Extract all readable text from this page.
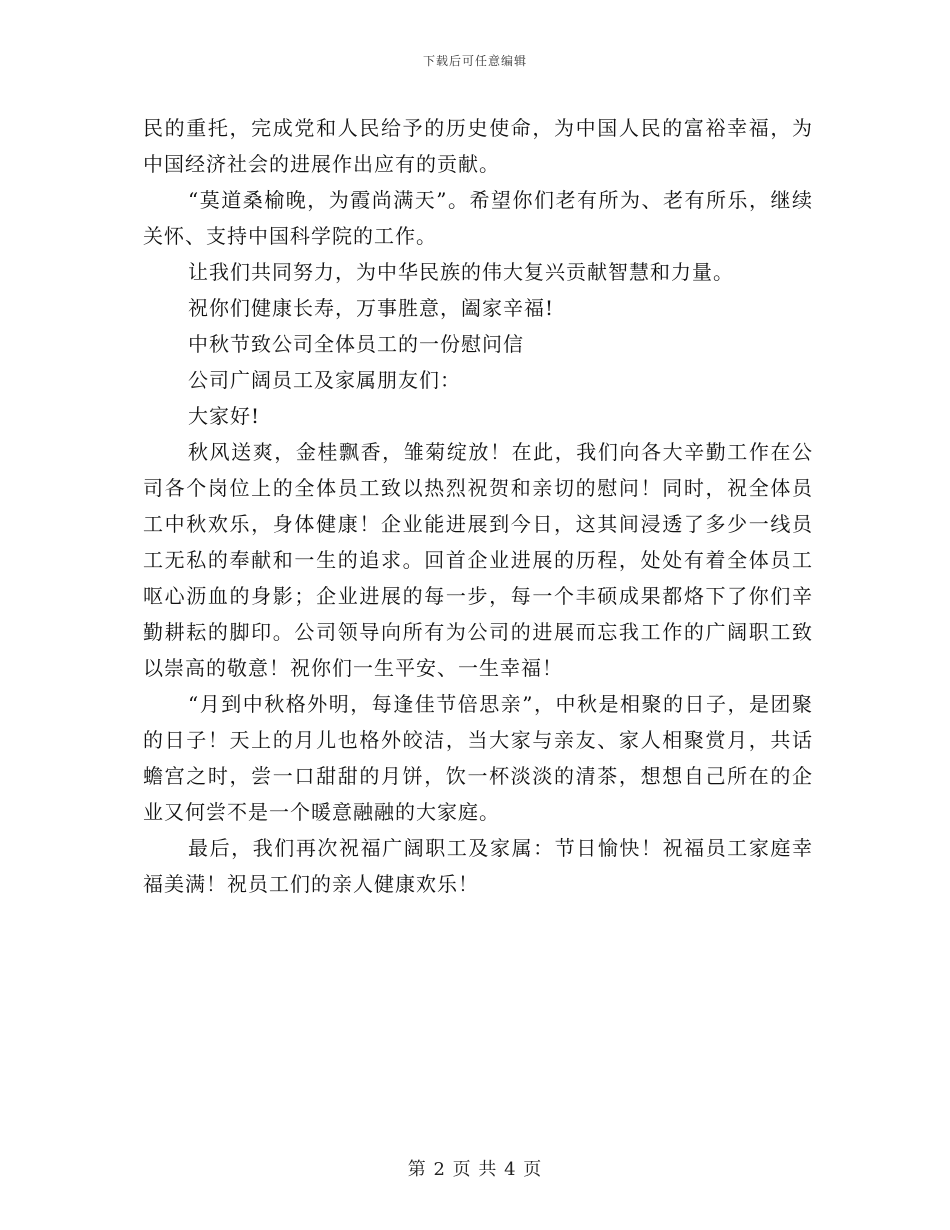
下载后可任意编辑

民的重托，完成党和人民给予的历史使命，为中国人民的富裕幸福，为中国经济社会的进展作出应有的贡献。

“莫道桑榆晚，为霞尚满天”。希望你们老有所为、老有所乐，继续关怀、支持中国科学院的工作。

让我们共同努力，为中华民族的伟大复兴贡献智慧和力量。

祝你们健康长寿，万事胜意，阖家辛福!

中秋节致公司全体员工的一份慰问信

公司广阔员工及家属朋友们：

大家好!

秋风送爽，金桂飘香，雏菊绽放！在此，我们向各大辛勤工作在公司各个岗位上的全体员工致以热烈祝贺和亲切的慰问！同时，祝全体员工中秋欢乐，身体健康！企业能进展到今日，这其间浸透了多少一线员工无私的奉献和一生的追求。回首企业进展的历程，处处有着全体员工呕心沥血的身影；企业进展的每一步，每一个丰硕成果都烙下了你们辛勤耕耘的脚印。公司领导向所有为公司的进展而忘我工作的广阔职工致以崇高的敬意！祝你们一生平安、一生幸福！

“月到中秋格外明，每逢佳节倍思亲”，中秋是相聚的日子，是团聚的日子！天上的月儿也格外皎洁，当大家与亲友、家人相聚赏月，共话蟾宫之时，尝一口甜甜的月饼，饮一杯淡淡的清茶，想想自己所在的企业又何尝不是一个暖意融融的大家庭。

最后，我们再次祝福广阔职工及家属：节日愉快！祝福员工家庭幸福美满！祝员工们的亲人健康欢乐！

第 2 页 共 4 页
